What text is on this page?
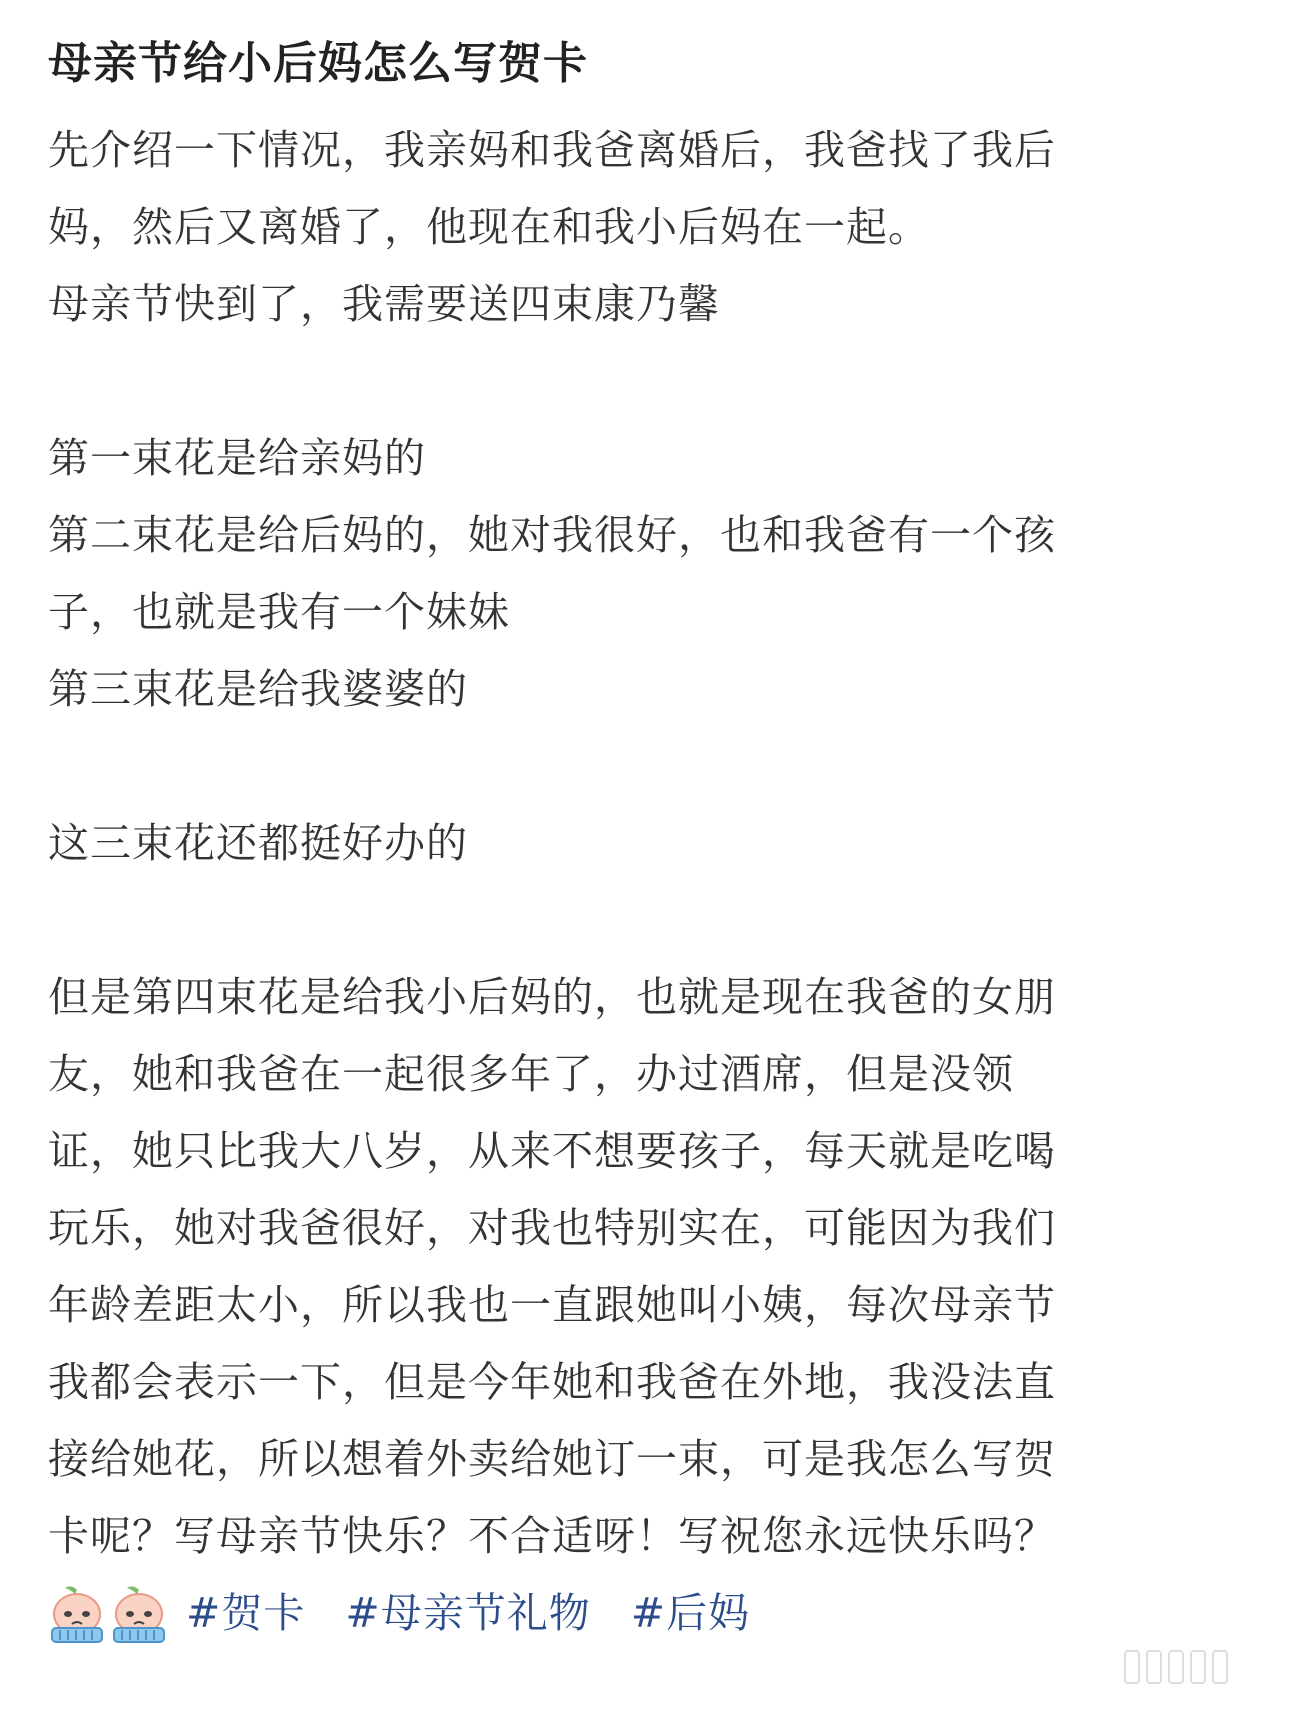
母亲节给小后妈怎么写贺卡

先介绍一下情况，我亲妈和我爸离婚后，我爸找了我后

妈，然后又离婚了，他现在和我小后妈在一起。

母亲节快到了，我需要送四束康乃馨

第一束花是给亲妈的

第二束花是给后妈的，她对我很好，也和我爸有一个孩

子，也就是我有一个妹妹

第三束花是给我婆婆的

这三束花还都挺好办的

但是第四束花是给我小后妈的，也就是现在我爸的女朋

友，她和我爸在一起很多年了，办过酒席，但是没领

证，她只比我大八岁，从来不想要孩子，每天就是吃喝

玩乐，她对我爸很好，对我也特别实在，可能因为我们

年龄差距太小，所以我也一直跟她叫小姨，每次母亲节

我都会表示一下，但是今年她和我爸在外地，我没法直

接给她花，所以想着外卖给她订一束，可是我怎么写贺

卡呢？写母亲节快乐？不合适呀！写祝您永远快乐吗？

#贺卡 #母亲节礼物 #后妈
